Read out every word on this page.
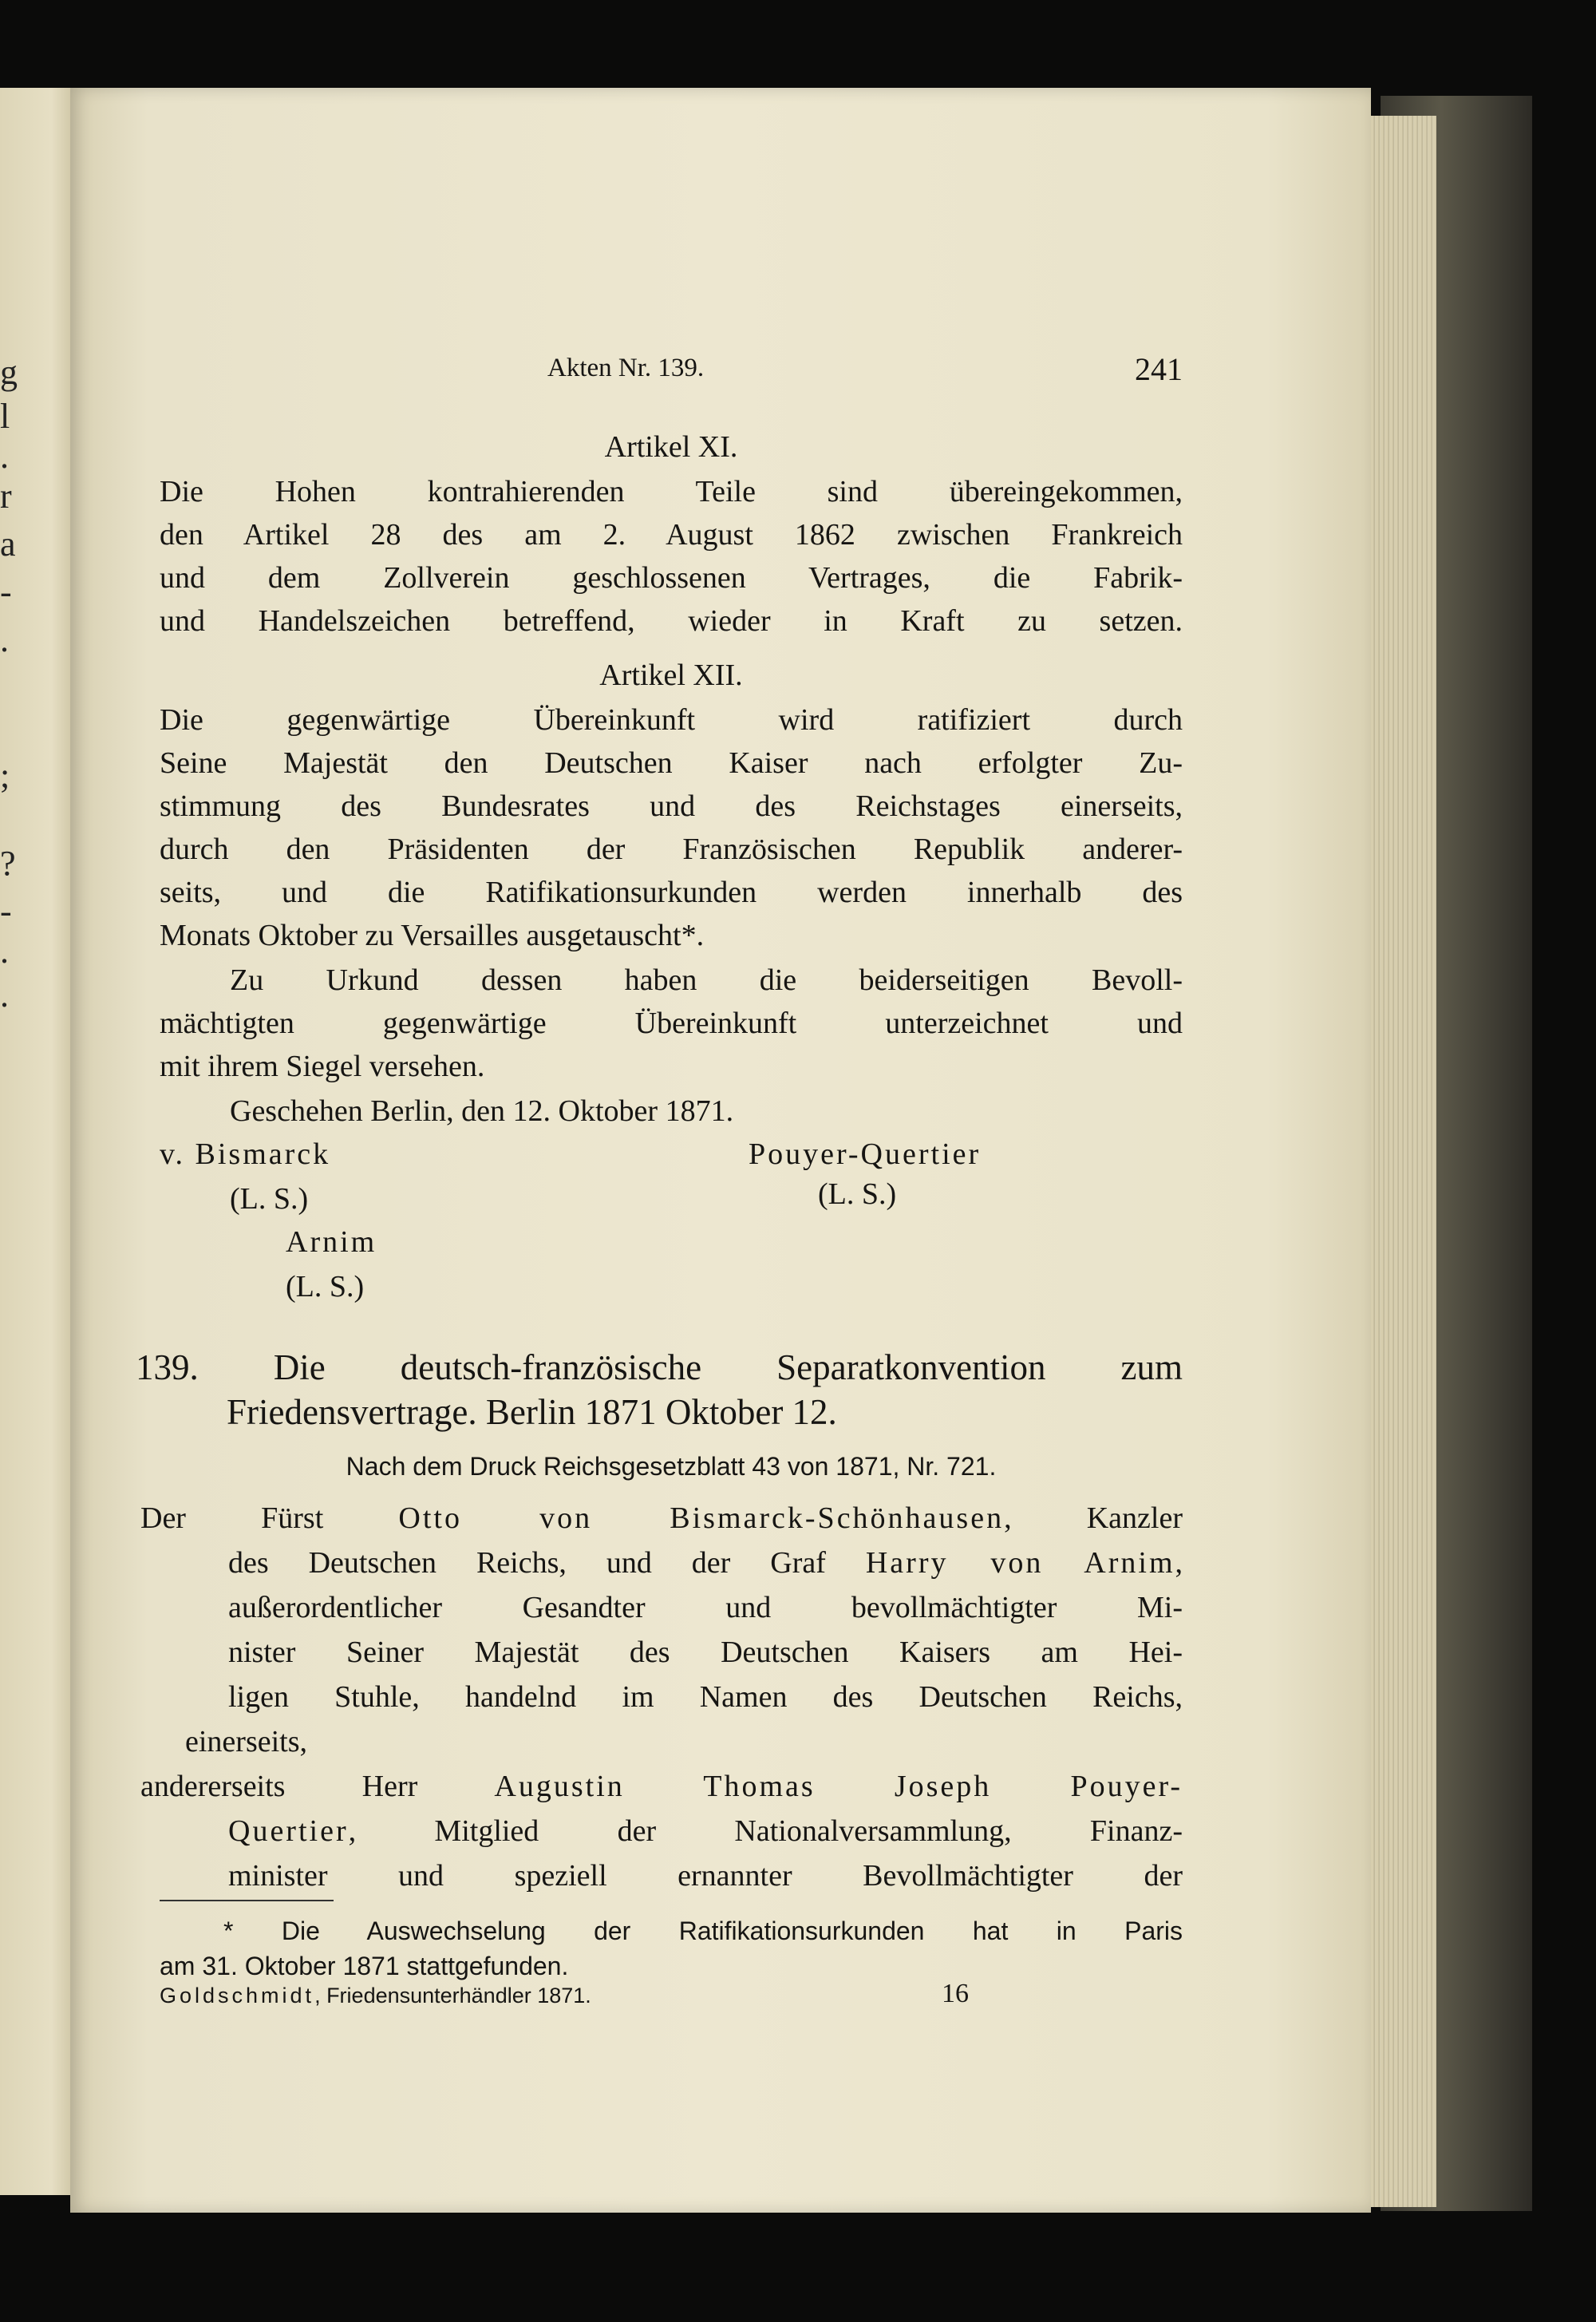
g
l
.
r
a
-
.
;
?
-
.
.
Akten Nr. 139.	241
Artikel XI.
Die Hohen kontrahierenden Teile sind übereingekommen,
den Artikel 28 des am 2. August 1862 zwischen Frankreich
und dem Zollverein geschlossenen Vertrages, die Fabrik-
und Handelszeichen betreffend, wieder in Kraft zu setzen.
Artikel XII.
Die gegenwärtige Übereinkunft wird ratifiziert durch
Seine Majestät den Deutschen Kaiser nach erfolgter Zu-
stimmung des Bundesrates und des Reichstages einerseits,
durch den Präsidenten der Französischen Republik anderer-
seits, und die Ratifikationsurkunden werden innerhalb des
Monats Oktober zu Versailles ausgetauscht*.
Zu Urkund dessen haben die beiderseitigen Bevoll-
mächtigten gegenwärtige Übereinkunft unterzeichnet und
mit ihrem Siegel versehen.
Geschehen Berlin, den 12. Oktober 1871.
v. Bismarck	Pouyer-Quertier
(L. S.)	(L. S.)
Arnim
(L. S.)
139. Die deutsch-französische Separatkonvention zum
Friedensvertrage. Berlin 1871 Oktober 12.
Nach dem Druck Reichsgesetzblatt 43 von 1871, Nr. 721.
Der Fürst Otto von Bismarck-Schönhausen, Kanzler
des Deutschen Reichs, und der Graf Harry von Arnim,
außerordentlicher Gesandter und bevollmächtigter Mi-
nister Seiner Majestät des Deutschen Kaisers am Hei-
ligen Stuhle, handelnd im Namen des Deutschen Reichs,
einerseits,
andererseits Herr Augustin Thomas Joseph Pouyer-
Quertier, Mitglied der Nationalversammlung, Finanz-
minister und speziell ernannter Bevollmächtigter der
* Die Auswechselung der Ratifikationsurkunden hat in Paris
am 31. Oktober 1871 stattgefunden.
Goldschmidt, Friedensunterhändler 1871.	16
